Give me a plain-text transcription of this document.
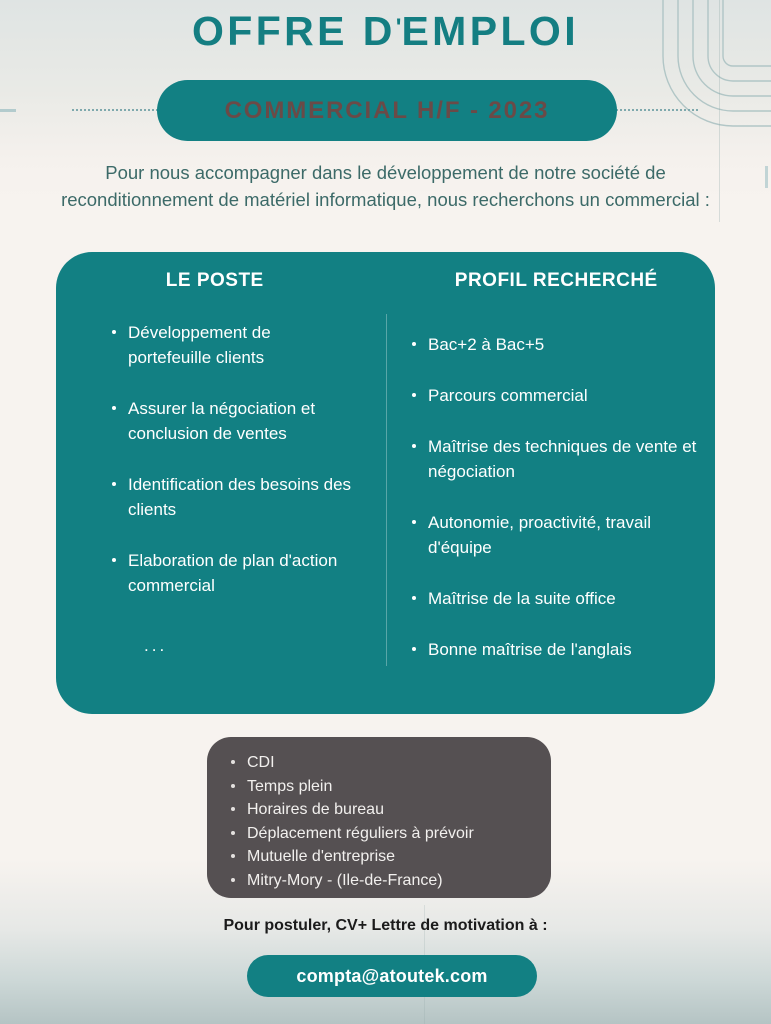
OFFRE D'EMPLOI
COMMERCIAL H/F - 2023
Pour nous accompagner dans le développement de notre société de reconditionnement de matériel informatique, nous recherchons un commercial :
LE POSTE	PROFIL RECHERCHÉ
Développement de portefeuille clients
Assurer la négociation et conclusion de ventes
Identification des besoins des clients
Elaboration de plan d'action commercial
Bac+2 à Bac+5
Parcours commercial
Maîtrise des techniques de vente et négociation
Autonomie, proactivité, travail d'équipe
Maîtrise de la suite office
Bonne maîtrise de l'anglais
...
CDI
Temps plein
Horaires de bureau
Déplacement réguliers à prévoir
Mutuelle d'entreprise
Mitry-Mory - (Ile-de-France)
Pour postuler, CV+ Lettre de motivation à :
compta@atoutek.com
